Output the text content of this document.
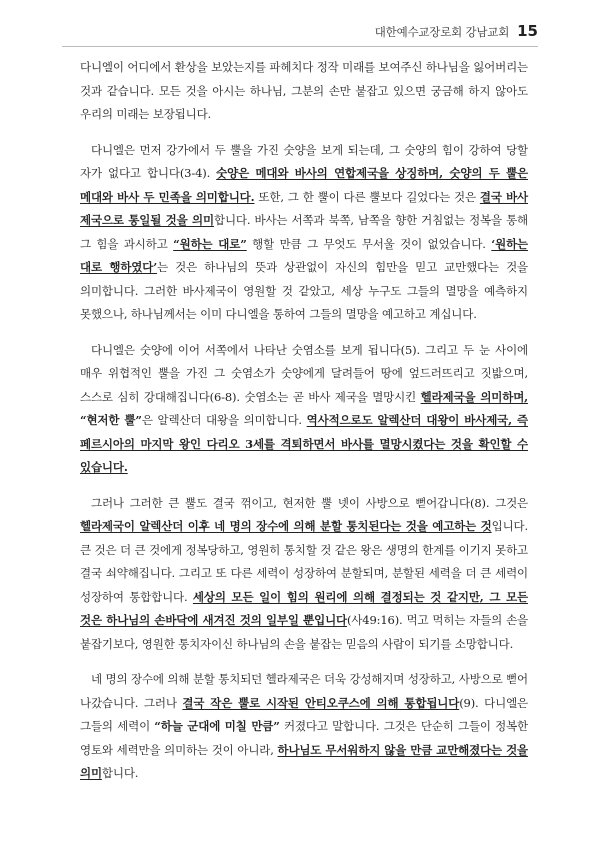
대한예수교장로회 강남교회 15

다니엘이 어디에서 환상을 보았는지를 파헤치다 정작 미래를 보여주신 하나님을 잃어버리는 것과 같습니다. 모든 것을 아시는 하나님, 그분의 손만 붙잡고 있으면 궁금해 하지 않아도 우리의 미래는 보장됩니다.

다니엘은 먼저 강가에서 두 뿔을 가진 숫양을 보게 되는데, 그 숫양의 힘이 강하여 당할 자가 없다고 합니다(3-4). 숫양은 메대와 바사의 연합제국을 상징하며, 숫양의 두 뿔은 메대와 바사 두 민족을 의미합니다. 또한, 그 한 뿔이 다른 뿔보다 길었다는 것은 결국 바사 제국으로 통일될 것을 의미합니다. 바사는 서쪽과 북쪽, 남쪽을 향한 거침없는 정복을 통해 그 힘을 과시하고 “원하는 대로” 행할 만큼 그 무엇도 무서울 것이 없었습니다. ‘원하는 대로 행하였다’는 것은 하나님의 뜻과 상관없이 자신의 힘만을 믿고 교만했다는 것을 의미합니다. 그러한 바사제국이 영원할 것 같았고, 세상 누구도 그들의 멸망을 예측하지 못했으나, 하나님께서는 이미 다니엘을 통하여 그들의 멸망을 예고하고 계십니다.

다니엘은 숫양에 이어 서쪽에서 나타난 숫염소를 보게 됩니다(5). 그리고 두 눈 사이에 매우 위협적인 뿔을 가진 그 숫염소가 숫양에게 달려들어 땅에 엎드러뜨리고 짓밟으며, 스스로 심히 강대해집니다(6-8). 숫염소는 곧 바사 제국을 멸망시킨 헬라제국을 의미하며, “현저한 뿔”은 알렉산더 대왕을 의미합니다. 역사적으로도 알렉산더 대왕이 바사제국, 즉 페르시아의 마지막 왕인 다리오 3세를 격퇴하면서 바사를 멸망시켰다는 것을 확인할 수 있습니다.

그러나 그러한 큰 뿔도 결국 꺾이고, 현저한 뿔 넷이 사방으로 뻗어갑니다(8). 그것은 헬라제국이 알렉산더 이후 네 명의 장수에 의해 분할 통치된다는 것을 예고하는 것입니다. 큰 것은 더 큰 것에게 정복당하고, 영원히 통치할 것 같은 왕은 생명의 한계를 이기지 못하고 결국 쇠약해집니다. 그리고 또 다른 세력이 성장하여 분할되며, 분할된 세력을 더 큰 세력이 성장하여 통합합니다. 세상의 모든 일이 힘의 원리에 의해 결정되는 것 같지만, 그 모든 것은 하나님의 손바닥에 새겨진 것의 일부일 뿐입니다(사49:16). 먹고 먹히는 자들의 손을 붙잡기보다, 영원한 통치자이신 하나님의 손을 붙잡는 믿음의 사람이 되기를 소망합니다.

네 명의 장수에 의해 분할 통치되던 헬라제국은 더욱 강성해지며 성장하고, 사방으로 뻗어 나갔습니다. 그러나 결국 작은 뿔로 시작된 안티오쿠스에 의해 통합됩니다(9). 다니엘은 그들의 세력이 “하늘 군대에 미칠 만큼” 커졌다고 말합니다. 그것은 단순히 그들이 정복한 영토와 세력만을 의미하는 것이 아니라, 하나님도 무서워하지 않을 만큼 교만해졌다는 것을 의미합니다.
